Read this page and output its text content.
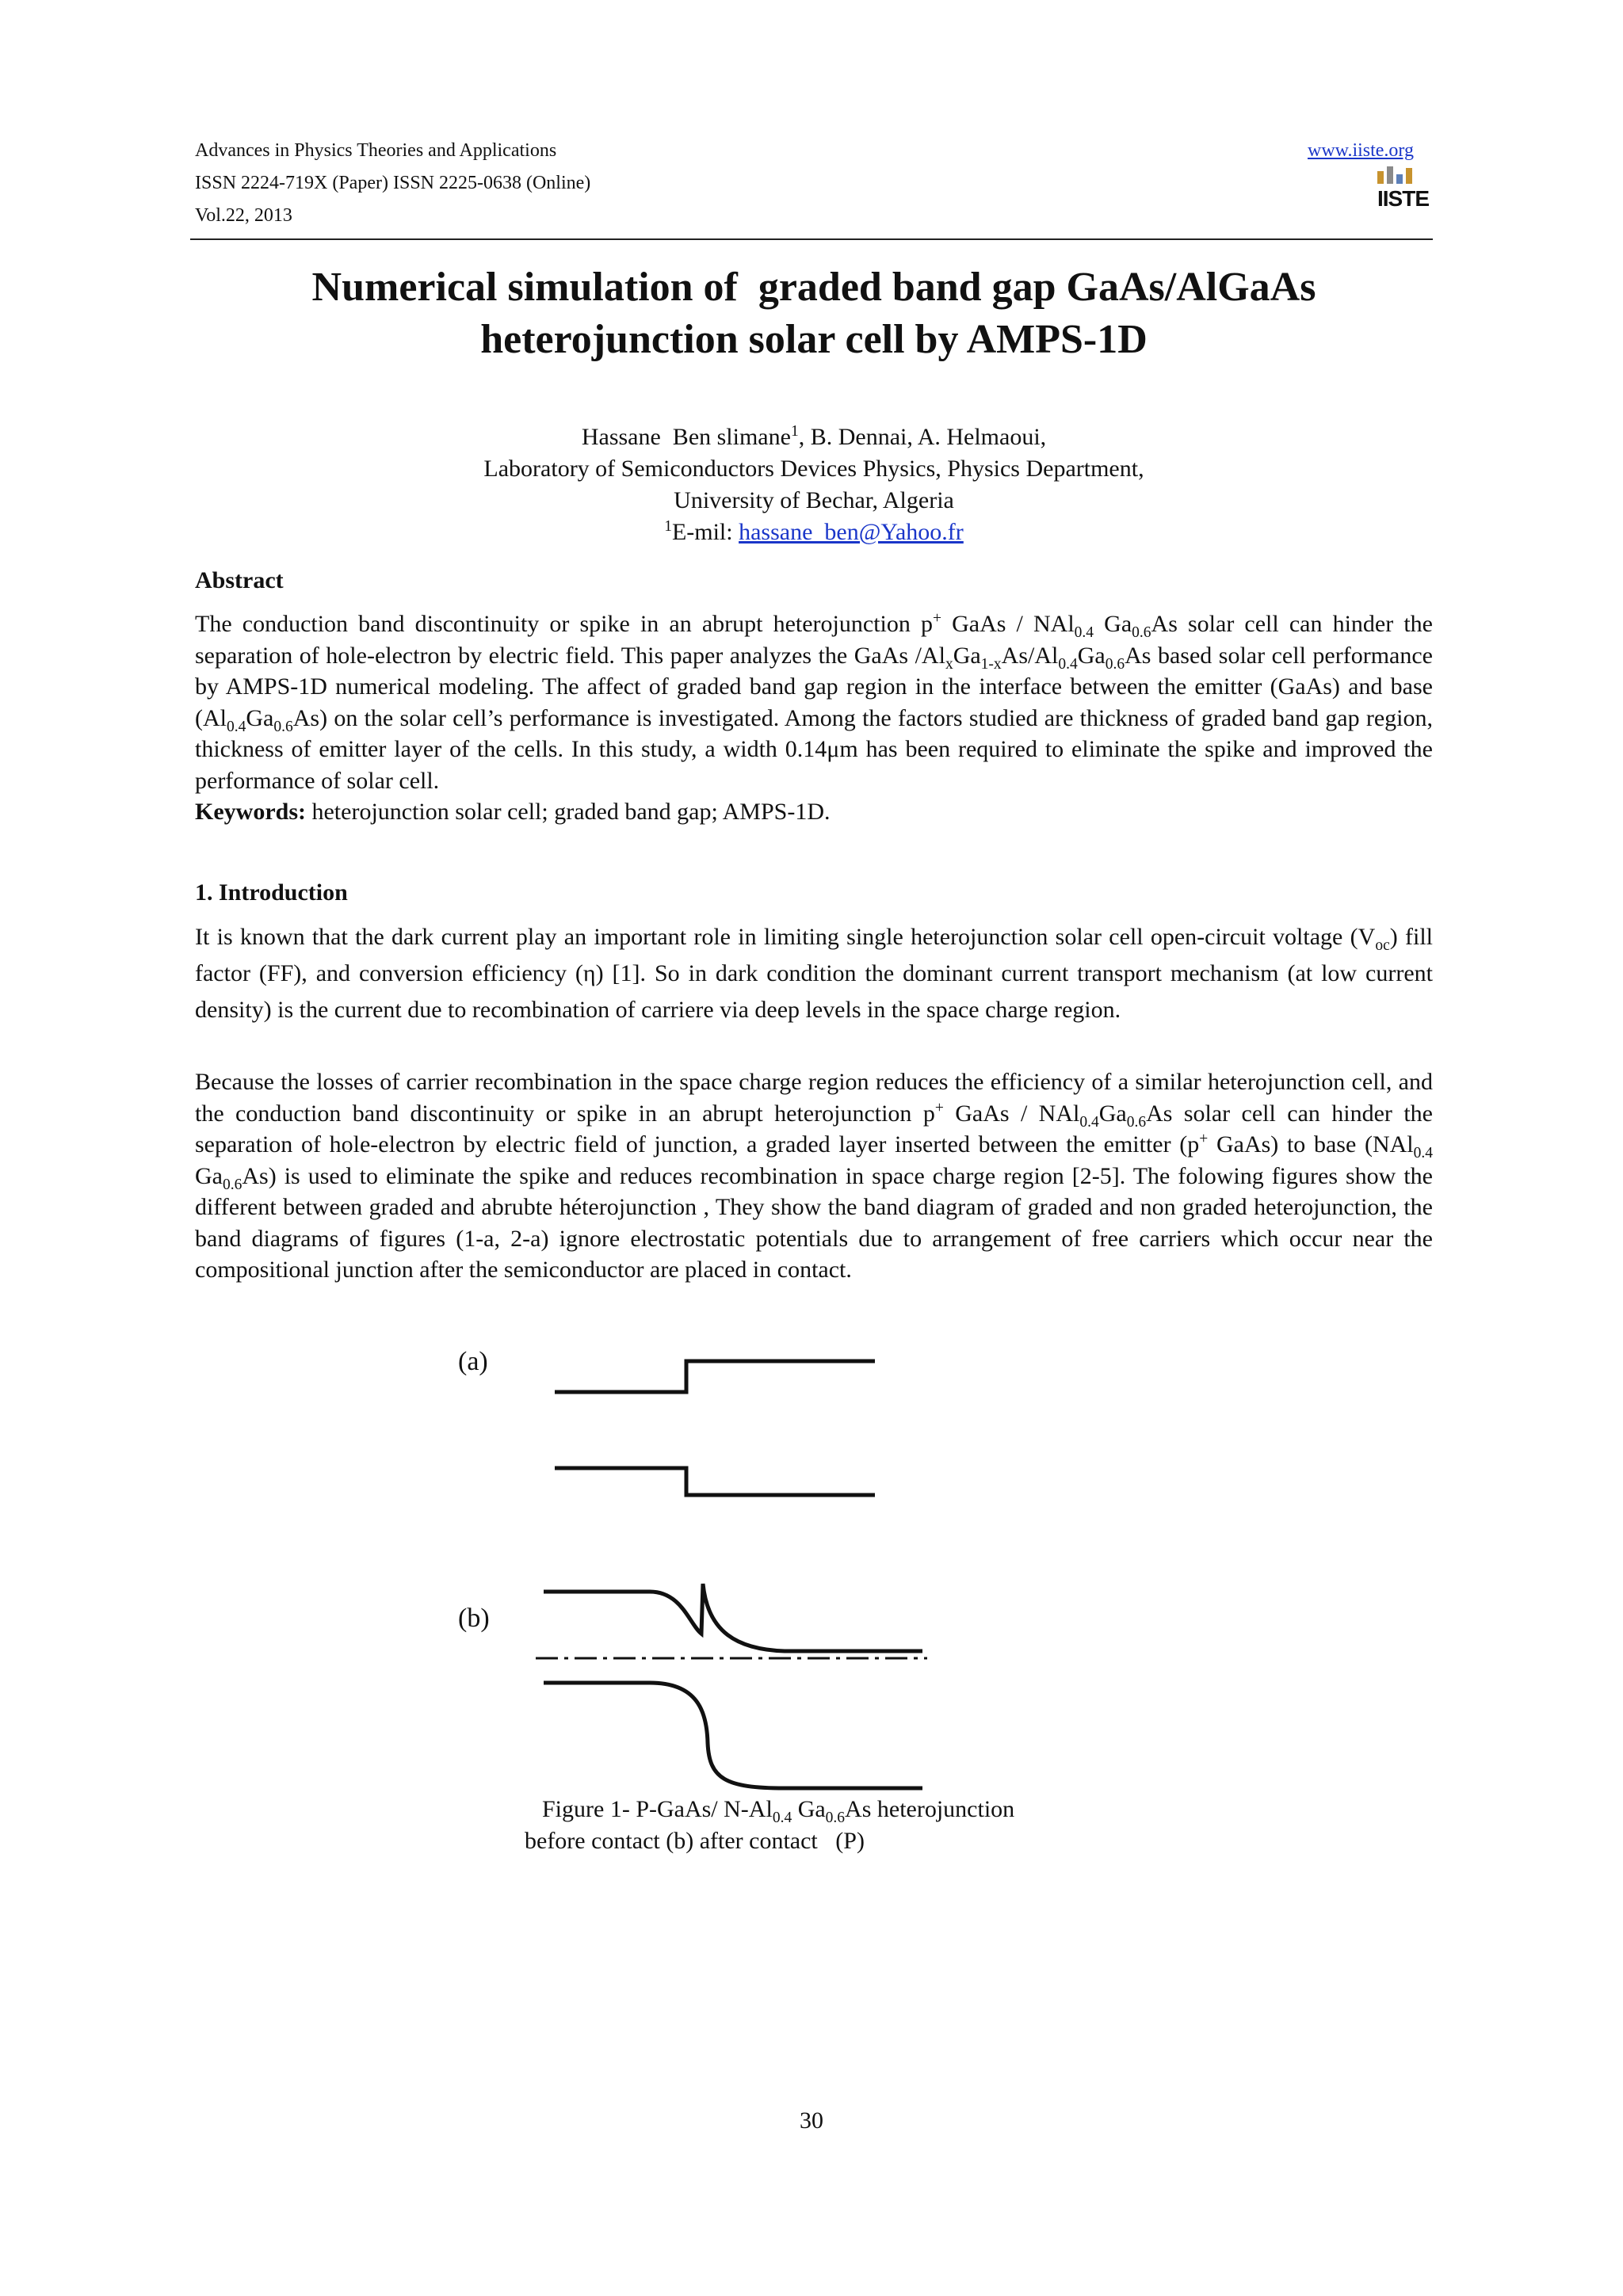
Advances in Physics Theories and Applications
ISSN 2224-719X (Paper) ISSN 2225-0638 (Online)
Vol.22, 2013
www.iiste.org
IISTE
Numerical simulation of  graded band gap GaAs/AlGaAs
heterojunction solar cell by AMPS-1D
Hassane  Ben slimane$^1$, B. Dennai, A. Helmaoui,
Laboratory of Semiconductors Devices Physics, Physics Department,
University of Bechar, Algeria
$^1$E-mil: hassane_ben@Yahoo.fr
Abstract
The conduction band discontinuity or spike in an abrupt heterojunction p+ GaAs / NAl$_{0.4}$ $Ga_{0.6}As$ solar cell can hinder the separation of hole-electron by electric field. This paper analyzes the GaAs $/Al_xGa_{1-x}As/Al_{0.4}Ga_{0.6}As$ based solar cell performance by AMPS-1D numerical modeling. The affect of graded band gap region in the interface between the emitter (GaAs) and base $(Al_{0.4}Ga_{0.6}As)$ on the solar cell’s performance is investigated. Among the factors studied are thickness of graded band gap region, thickness of emitter layer of the cells. In this study, a width 0.14μm has been required to eliminate the spike and improved the performance of solar cell.
Keywords: heterojunction solar cell; graded band gap; AMPS-1D.
1. Introduction
It is known that the dark current play an important role in limiting single heterojunction solar cell open-circuit voltage $(V_{oc})$ fill factor (FF), and conversion efficiency (η) [1]. So in dark condition the dominant current transport mechanism (at low current density) is the current due to recombination of carriere via deep levels in the space charge region.
Because the losses of carrier recombination in the space charge region reduces the efficiency of a similar heterojunction cell, and the conduction band discontinuity or spike in an abrupt heterojunction p+ GaAs / $NAl_{0.4}Ga_{0.6}As$ solar cell can hinder the separation of hole-electron by electric field of junction, a graded layer inserted between the emitter (p+ GaAs) to base (NAl$_{0.4}$ $Ga_{0.6}As$) is used to eliminate the spike and reduces recombination in space charge region [2-5]. The folowing figures show the different between graded and abrubte héterojunction , They show the band diagram of graded and non graded heterojunction, the band diagrams of figures (1-a, 2-a) ignore electrostatic potentials due to arrangement of free carriers which occur near the compositional junction after the semiconductor are placed in contact.
(a)
(b)
Figure 1- P-GaAs/ $N-Al_{0.4}$ $Ga_{0.6}As$ heterojunction
before contact (b) after contact   (P)
30
